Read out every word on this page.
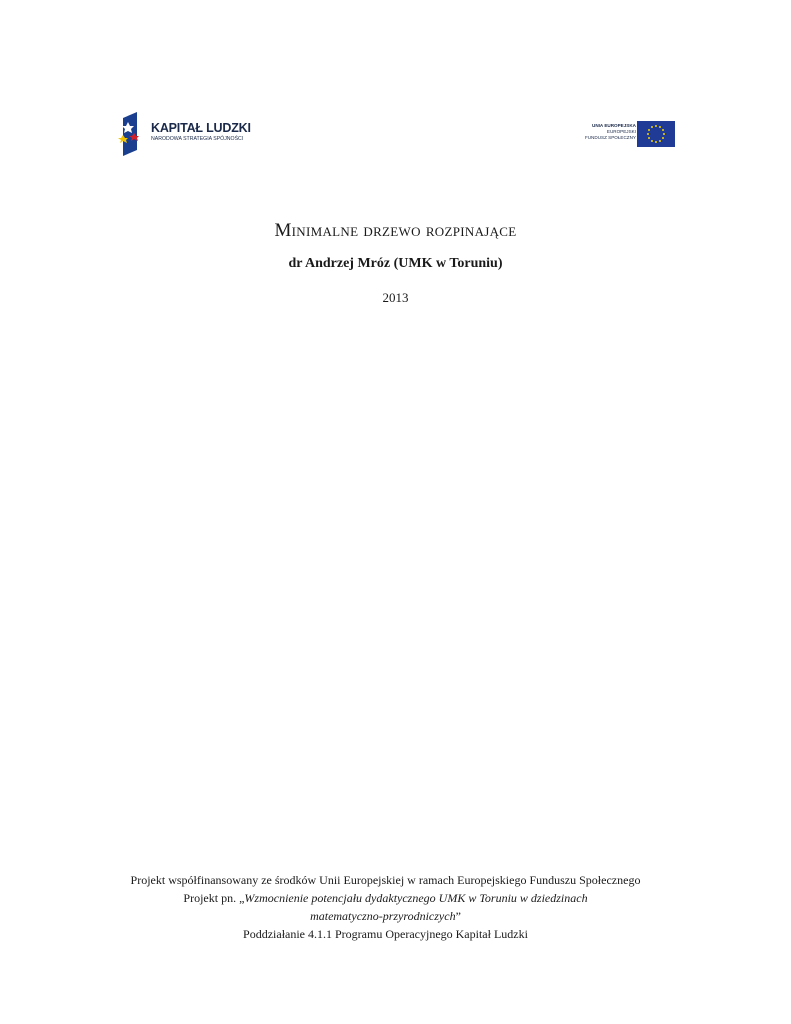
KAPITAŁ LUDZKI
NARODOWA STRATEGIA SPÓJNOŚCI
UNIA EUROPEJSKA
EUROPEJSKI
FUNDUSZ SPOŁECZNY
Minimalne drzewo rozpinające
dr Andrzej Mróz (UMK w Toruniu)
2013
Projekt współfinansowany ze środków Unii Europejskiej w ramach Europejskiego Funduszu Społecznego
Projekt pn. „Wzmocnienie potencjału dydaktycznego UMK w Toruniu w dziedzinach
matematyczno-przyrodniczych”
Poddziałanie 4.1.1 Programu Operacyjnego Kapitał Ludzki
